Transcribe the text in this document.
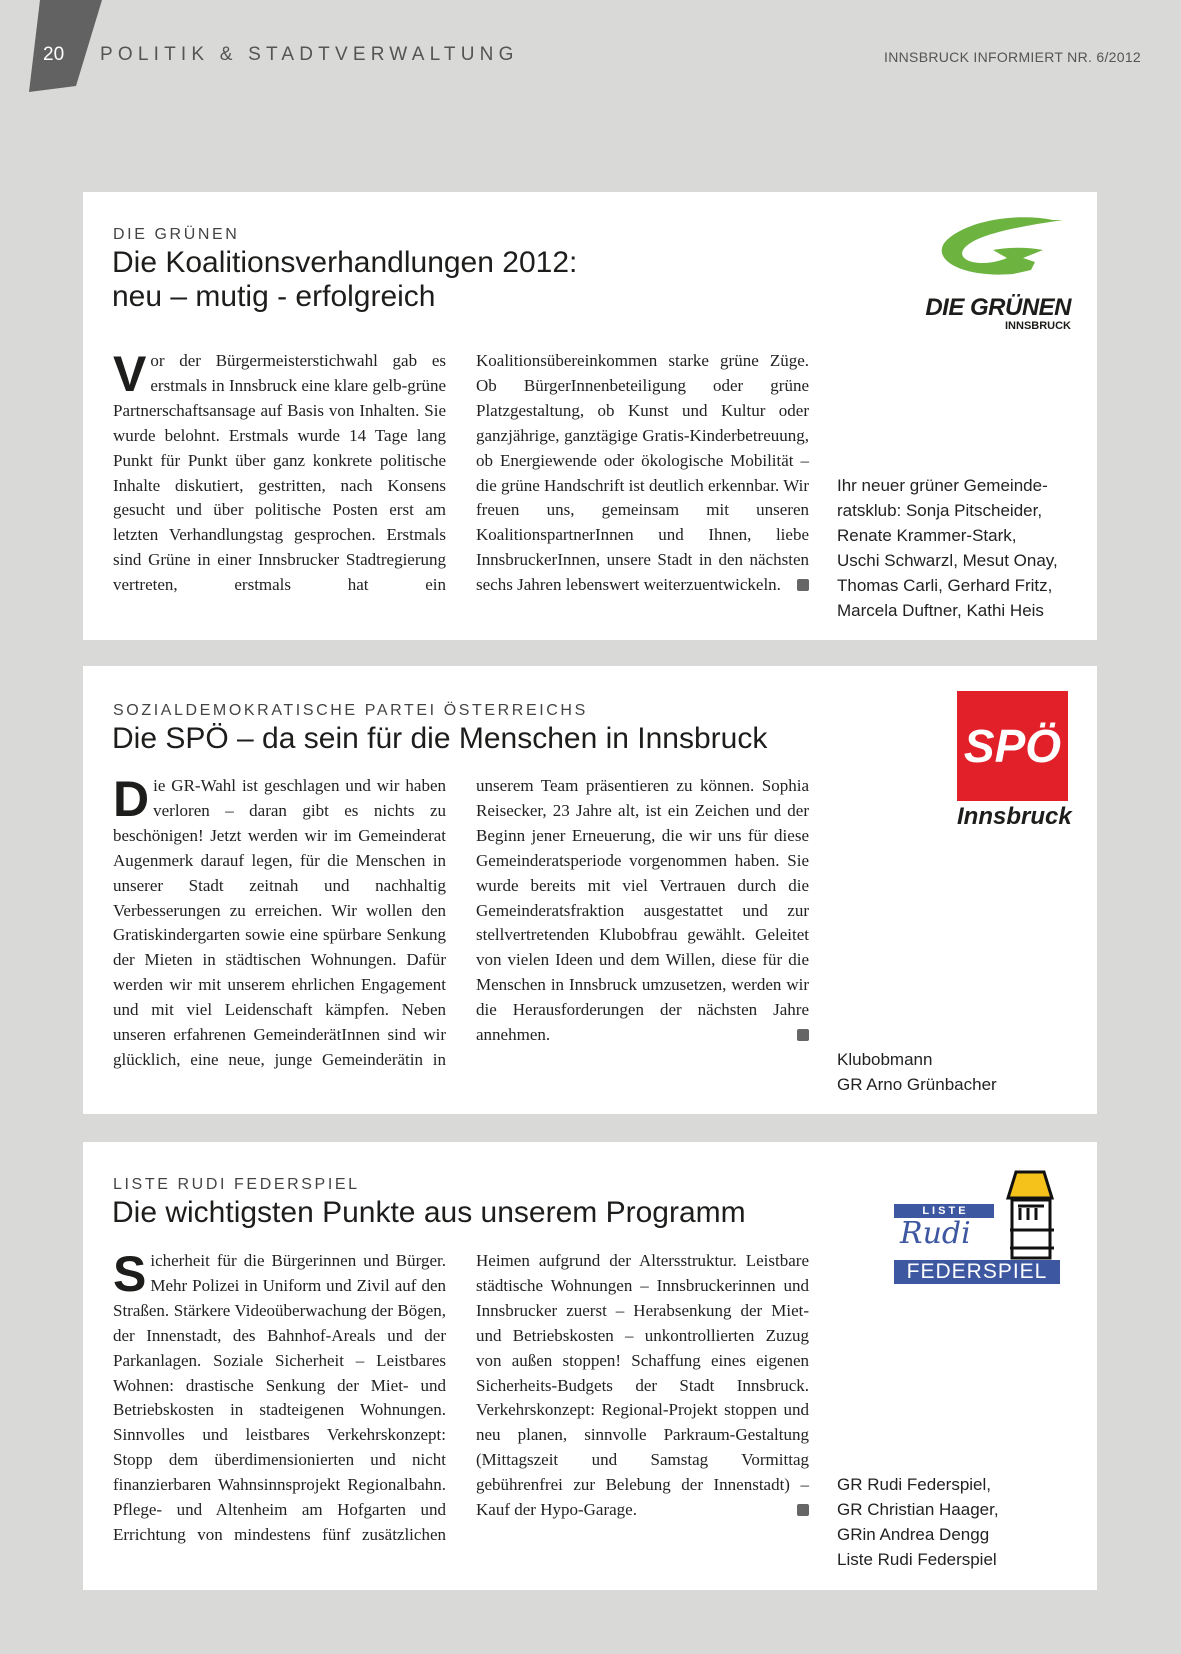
20 POLITIK & STADTVERWALTUNG	INNSBRUCK INFORMIERT NR. 6/2012
DIE GRÜNEN
Die Koalitionsverhandlungen 2012:
neu – mutig - erfolgreich
Vor der Bürgermeisterstichwahl gab es erstmals in Innsbruck eine klare gelb-grüne Partnerschaftsansage auf Basis von Inhalten. Sie wurde belohnt. Erstmals wurde 14 Tage lang Punkt für Punkt über ganz konkrete politische Inhalte diskutiert, gestritten, nach Konsens gesucht und über politische Posten erst am letzten Verhandlungstag gesprochen. Erstmals sind Grüne in einer Innsbrucker Stadtregierung vertreten, erstmals hat ein Koalitionsübereinkommen starke grüne Züge. Ob BürgerInnenbeteiligung oder grüne Platzgestaltung, ob Kunst und Kultur oder ganzjährige, ganztägige Gratis-Kinderbetreuung, ob Energiewende oder ökologische Mobilität – die grüne Handschrift ist deutlich erkennbar. Wir freuen uns, gemeinsam mit unseren KoalitionspartnerInnen und Ihnen, liebe InnsbruckerInnen, unsere Stadt in den nächsten sechs Jahren lebenswert weiterzuentwickeln.
Ihr neuer grüner Gemeinde-
ratsklub: Sonja Pitscheider,
Renate Krammer-Stark,
Uschi Schwarzl, Mesut Onay,
Thomas Carli, Gerhard Fritz,
Marcela Duftner, Kathi Heis
DIE GRÜNEN
INNSBRUCK
SOZIALDEMOKRATISCHE PARTEI ÖSTERREICHS
Die SPÖ – da sein für die Menschen in Innsbruck
Die GR-Wahl ist geschlagen und wir haben verloren – daran gibt es nichts zu beschönigen! Jetzt werden wir im Gemeinderat Augenmerk darauf legen, für die Menschen in unserer Stadt zeitnah und nachhaltig Verbesserungen zu erreichen. Wir wollen den Gratiskindergarten sowie eine spürbare Senkung der Mieten in städtischen Wohnungen. Dafür werden wir mit unserem ehrlichen Engagement und mit viel Leidenschaft kämpfen. Neben unseren erfahrenen GemeinderätInnen sind wir glücklich, eine neue, junge Gemeinderätin in unserem Team präsentieren zu können. Sophia Reisecker, 23 Jahre alt, ist ein Zeichen und der Beginn jener Erneuerung, die wir uns für diese Gemeinderatsperiode vorgenommen haben. Sie wurde bereits mit viel Vertrauen durch die Gemeinderatsfraktion ausgestattet und zur stellvertretenden Klubobfrau gewählt. Geleitet von vielen Ideen und dem Willen, diese für die Menschen in Innsbruck umzusetzen, werden wir die Herausforderungen der nächsten Jahre annehmen.
Klubobmann
GR Arno Grünbacher
SPÖ
Innsbruck
LISTE RUDI FEDERSPIEL
Die wichtigsten Punkte aus unserem Programm
Sicherheit für die Bürgerinnen und Bürger. Mehr Polizei in Uniform und Zivil auf den Straßen. Stärkere Videoüberwachung der Bögen, der Innenstadt, des Bahnhof-Areals und der Parkanlagen. Soziale Sicherheit – Leistbares Wohnen: drastische Senkung der Miet- und Betriebskosten in stadteigenen Wohnungen. Sinnvolles und leistbares Verkehrskonzept: Stopp dem überdimensionierten und nicht finanzierbaren Wahnsinnsprojekt Regionalbahn. Pflege- und Altenheim am Hofgarten und Errichtung von mindestens fünf zusätzlichen Heimen aufgrund der Altersstruktur. Leistbare städtische Wohnungen – Innsbruckerinnen und Innsbrucker zuerst – Herabsenkung der Miet- und Betriebskosten – unkontrollierten Zuzug von außen stoppen! Schaffung eines eigenen Sicherheits-Budgets der Stadt Innsbruck. Verkehrskonzept: Regional-Projekt stoppen und neu planen, sinnvolle Parkraum-Gestaltung (Mittagszeit und Samstag Vormittag gebührenfrei zur Belebung der Innenstadt) – Kauf der Hypo-Garage.
GR Rudi Federspiel,
GR Christian Haager,
GRin Andrea Dengg
Liste Rudi Federspiel
L I S T E
Rudi
FEDERSPIEL
